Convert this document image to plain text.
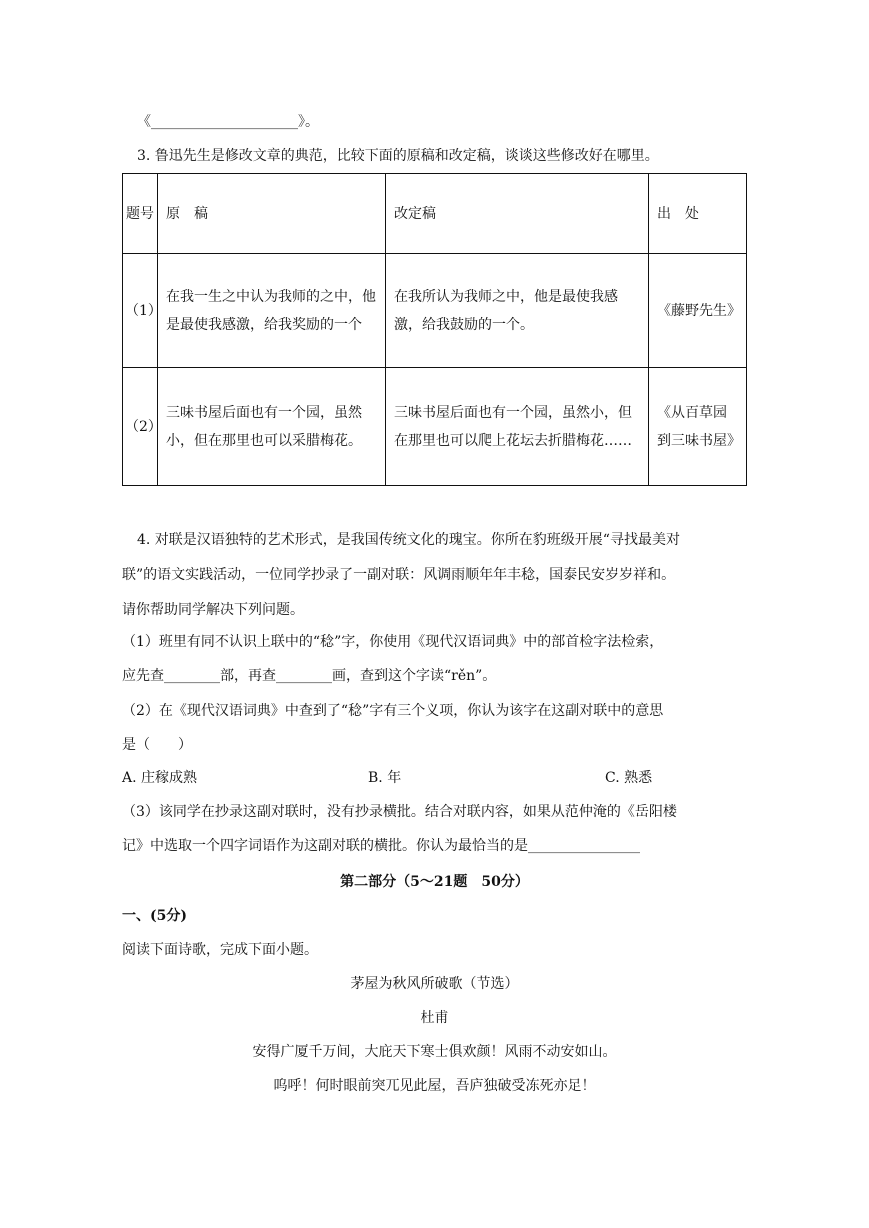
《_____________________》。
3. 鲁迅先生是修改文章的典范，比较下面的原稿和改定稿，谈谈这些修改好在哪里。
题号	原　稿	改定稿	出　处
（1）	在我一生之中认为我师的之中，他是最使我感激，给我奖励的一个	在我所认为我师之中，他是最使我感激，给我鼓励的一个。	《藤野先生》
（2）	三味书屋后面也有一个园，虽然小，但在那里也可以采腊梅花。	三味书屋后面也有一个园，虽然小，但在那里也可以爬上花坛去折腊梅花……	《从百草园到三味书屋》
4. 对联是汉语独特的艺术形式，是我国传统文化的瑰宝。你所在豹班级开展“寻找最美对
联”的语文实践活动，一位同学抄录了一副对联：风调雨顺年年丰稔，国泰民安岁岁祥和。
请你帮助同学解决下列问题。
（1）班里有同不认识上联中的“稔”字，你使用《现代汉语词典》中的部首检字法检索，
应先查________部，再查________画，查到这个字读“rěn”。
（2）在《现代汉语词典》中查到了“稔”字有三个义项，你认为该字在这副对联中的意思
是（　　）
A. 庄稼成熟	B. 年	C. 熟悉
（3）该同学在抄录这副对联时，没有抄录横批。结合对联内容，如果从范仲淹的《岳阳楼
记》中选取一个四字词语作为这副对联的横批。你认为最恰当的是________________
第二部分（5～21题　50分）
一、(5分)
阅读下面诗歌，完成下面小题。
茅屋为秋风所破歌（节选）
杜甫
安得广厦千万间，大庇天下寒士俱欢颜！风雨不动安如山。
呜呼！何时眼前突兀见此屋，吾庐独破受冻死亦足！
